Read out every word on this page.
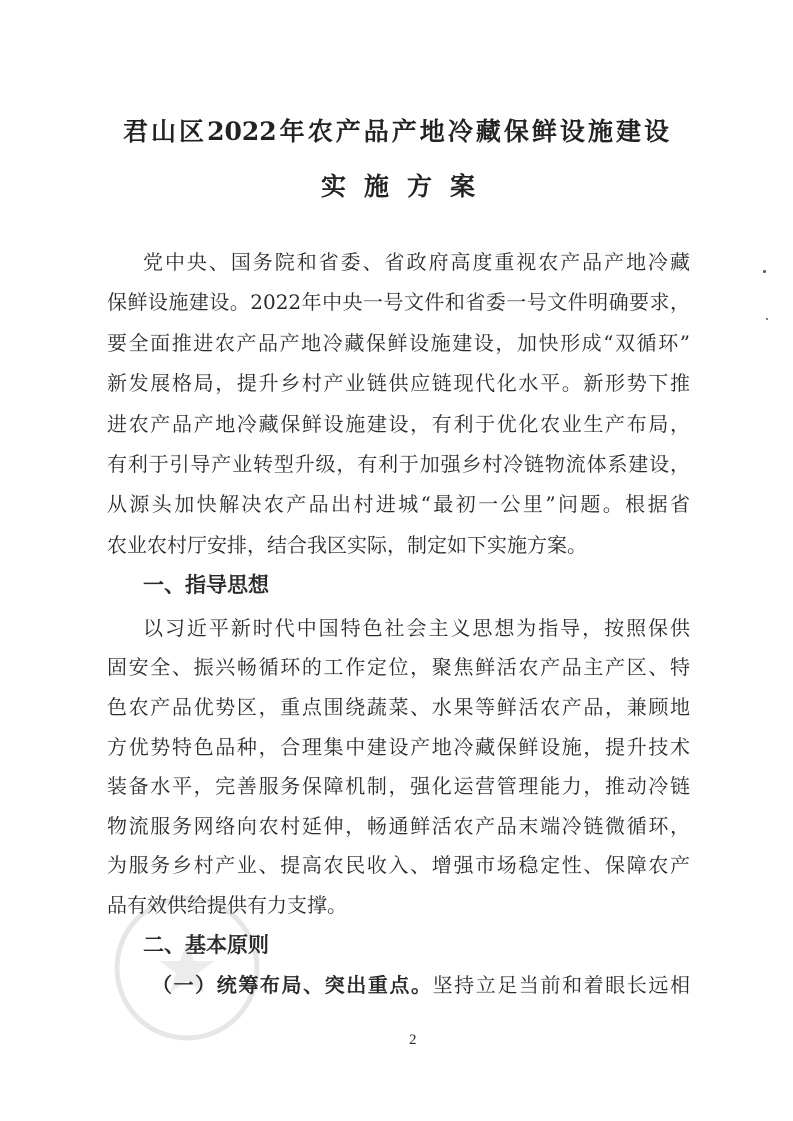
君山区2022年农产品产地冷藏保鲜设施建设
实施方案
党中央、国务院和省委、省政府高度重视农产品产地冷藏
保鲜设施建设。2022年中央一号文件和省委一号文件明确要求，
要全面推进农产品产地冷藏保鲜设施建设，加快形成“双循环”
新发展格局，提升乡村产业链供应链现代化水平。新形势下推
进农产品产地冷藏保鲜设施建设，有利于优化农业生产布局，
有利于引导产业转型升级，有利于加强乡村冷链物流体系建设，
从源头加快解决农产品出村进城“最初一公里”问题。根据省
农业农村厅安排，结合我区实际，制定如下实施方案。
一、指导思想
以习近平新时代中国特色社会主义思想为指导，按照保供
固安全、振兴畅循环的工作定位，聚焦鲜活农产品主产区、特
色农产品优势区，重点围绕蔬菜、水果等鲜活农产品，兼顾地
方优势特色品种，合理集中建设产地冷藏保鲜设施，提升技术
装备水平，完善服务保障机制，强化运营管理能力，推动冷链
物流服务网络向农村延伸，畅通鲜活农产品末端冷链微循环，
为服务乡村产业、提高农民收入、增强市场稳定性、保障农产
品有效供给提供有力支撑。
二、基本原则
（一）统筹布局、突出重点。坚持立足当前和着眼长远相
2
